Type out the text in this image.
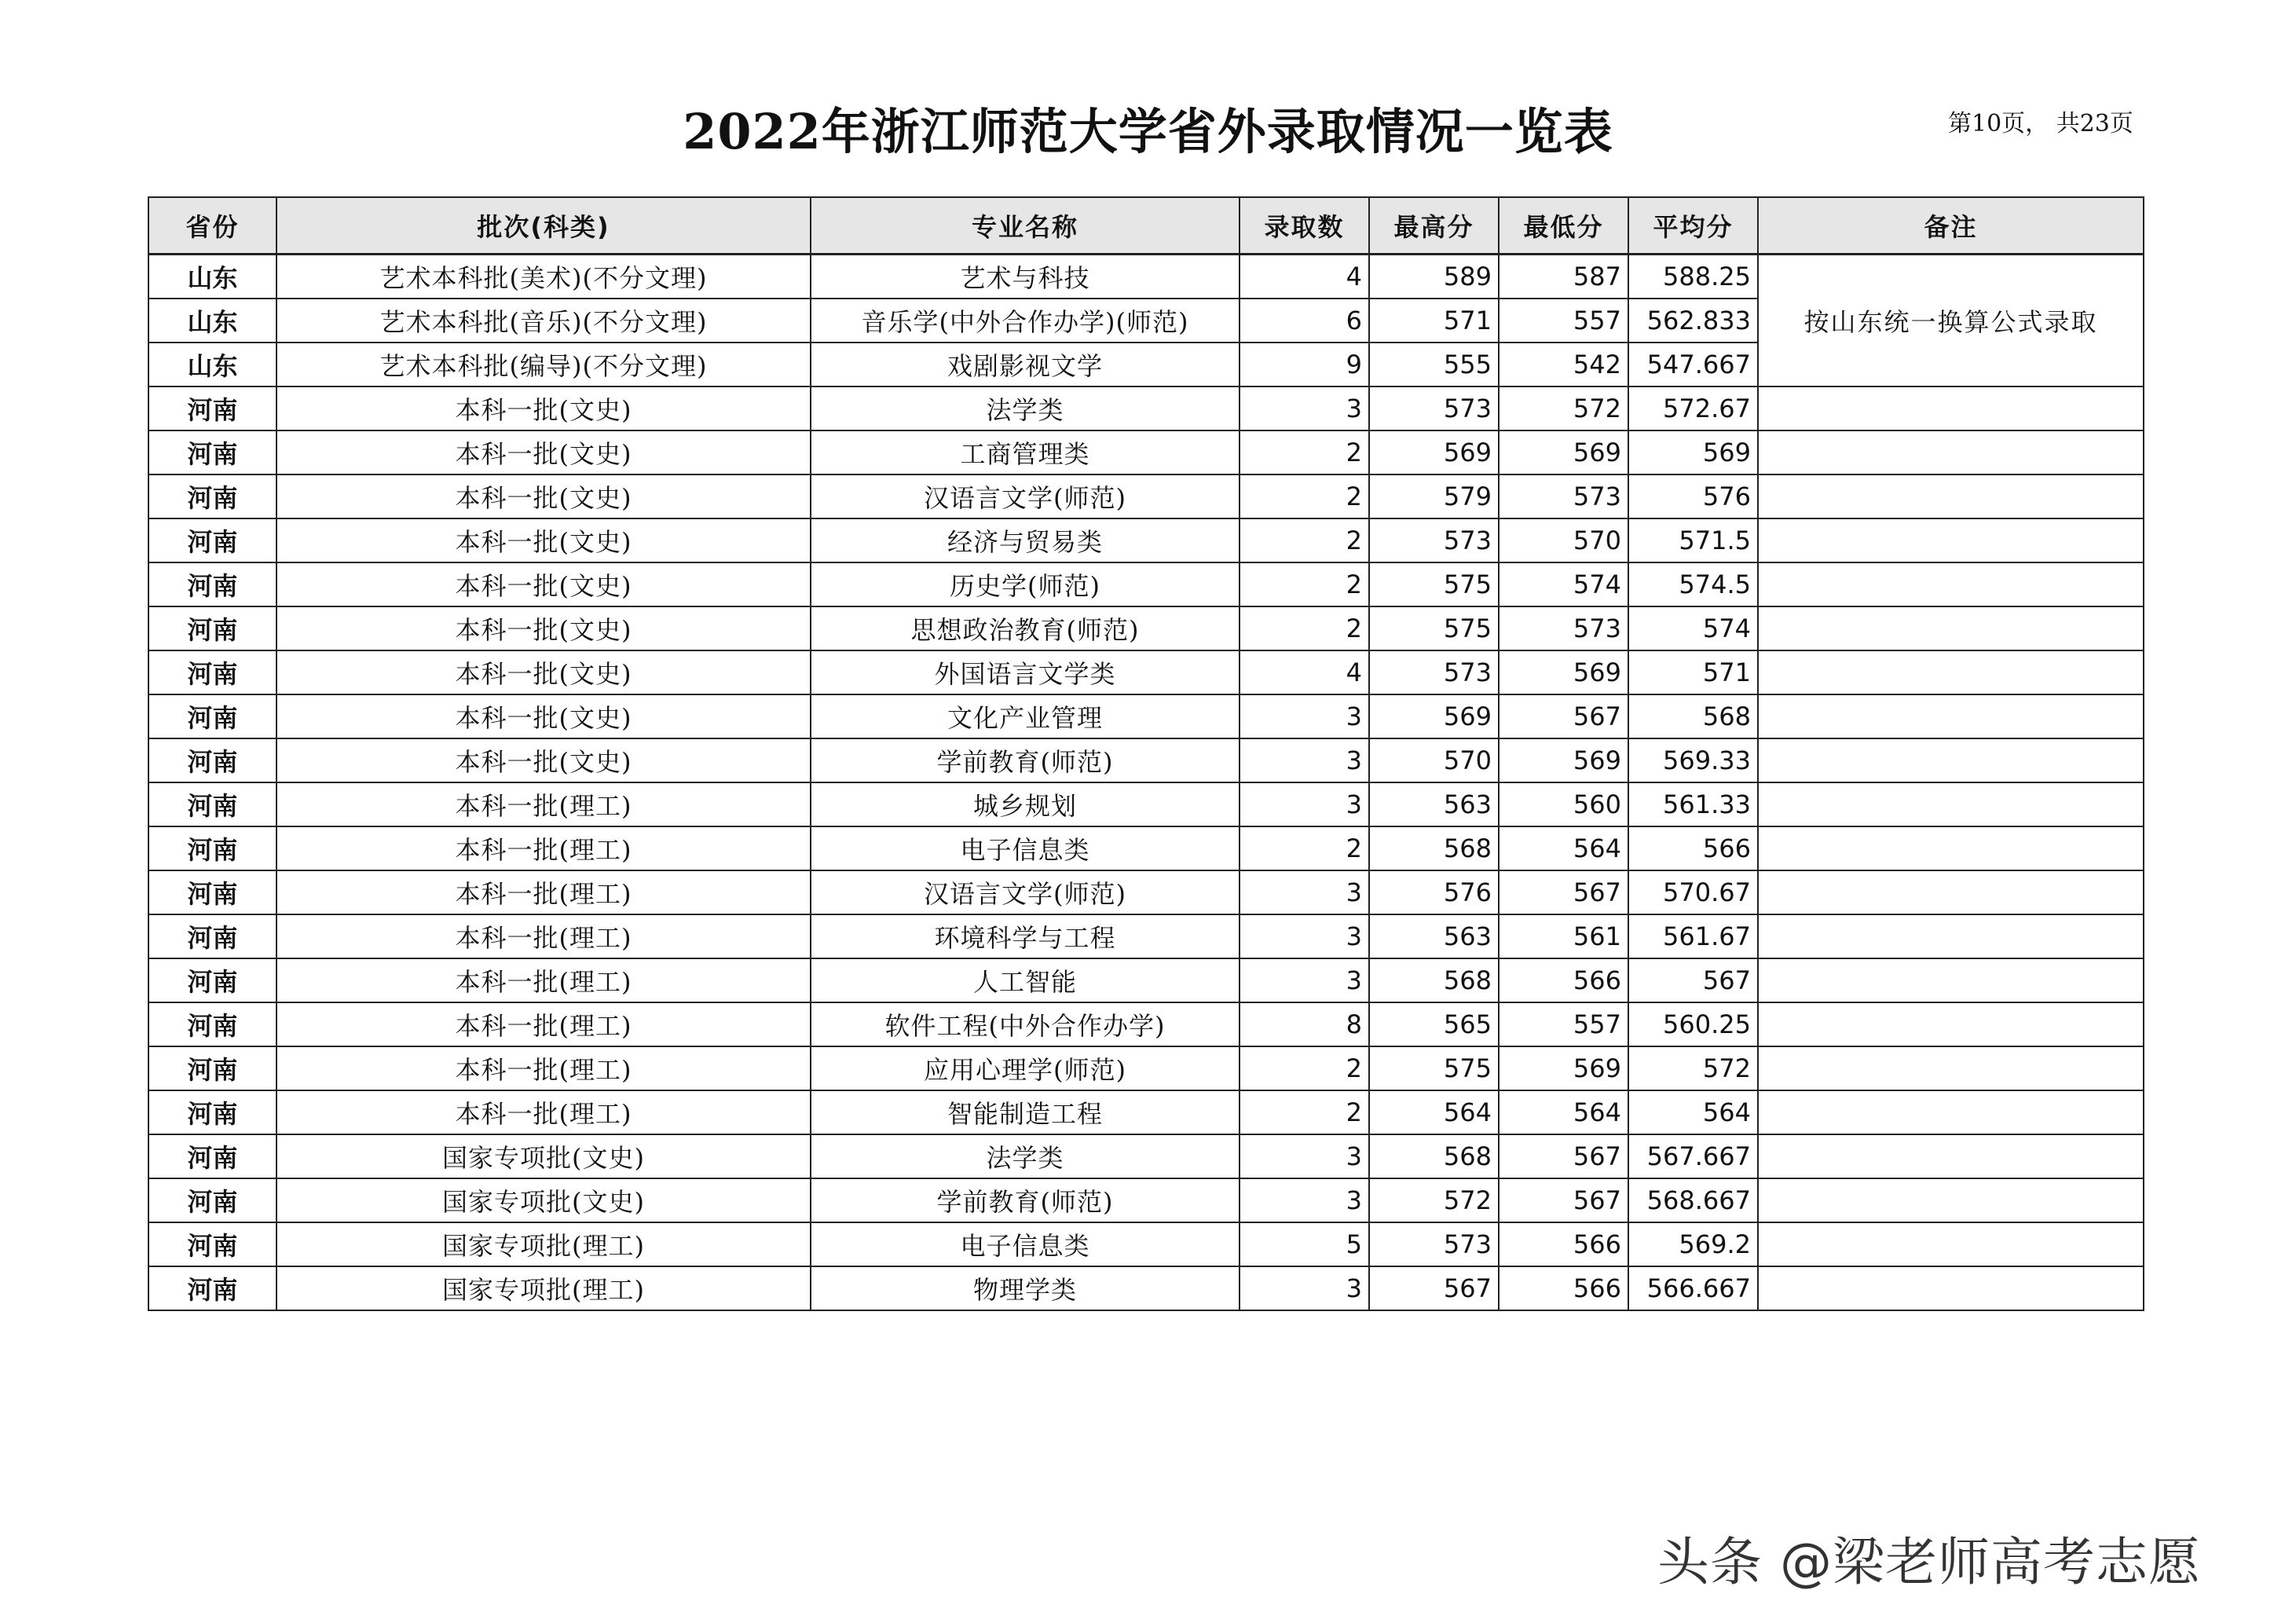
2022年浙江师范大学省外录取情况一览表	第10页， 共23页
省份	批次(科类)	专业名称	录取数	最高分	最低分	平均分	备注
山东	艺术本科批(美术)(不分文理)	艺术与科技	4	589	587	588.25	按山东统一换算公式录取
山东	艺术本科批(音乐)(不分文理)	音乐学(中外合作办学)(师范)	6	571	557	562.833	
山东	艺术本科批(编导)(不分文理)	戏剧影视文学	9	555	542	547.667	
河南	本科一批(文史)	法学类	3	573	572	572.67	
河南	本科一批(文史)	工商管理类	2	569	569	569	
河南	本科一批(文史)	汉语言文学(师范)	2	579	573	576	
河南	本科一批(文史)	经济与贸易类	2	573	570	571.5	
河南	本科一批(文史)	历史学(师范)	2	575	574	574.5	
河南	本科一批(文史)	思想政治教育(师范)	2	575	573	574	
河南	本科一批(文史)	外国语言文学类	4	573	569	571	
河南	本科一批(文史)	文化产业管理	3	569	567	568	
河南	本科一批(文史)	学前教育(师范)	3	570	569	569.33	
河南	本科一批(理工)	城乡规划	3	563	560	561.33	
河南	本科一批(理工)	电子信息类	2	568	564	566	
河南	本科一批(理工)	汉语言文学(师范)	3	576	567	570.67	
河南	本科一批(理工)	环境科学与工程	3	563	561	561.67	
河南	本科一批(理工)	人工智能	3	568	566	567	
河南	本科一批(理工)	软件工程(中外合作办学)	8	565	557	560.25	
河南	本科一批(理工)	应用心理学(师范)	2	575	569	572	
河南	本科一批(理工)	智能制造工程	2	564	564	564	
河南	国家专项批(文史)	法学类	3	568	567	567.667	
河南	国家专项批(文史)	学前教育(师范)	3	572	567	568.667	
河南	国家专项批(理工)	电子信息类	5	573	566	569.2	
河南	国家专项批(理工)	物理学类	3	567	566	566.667	
头条 @梁老师高考志愿
